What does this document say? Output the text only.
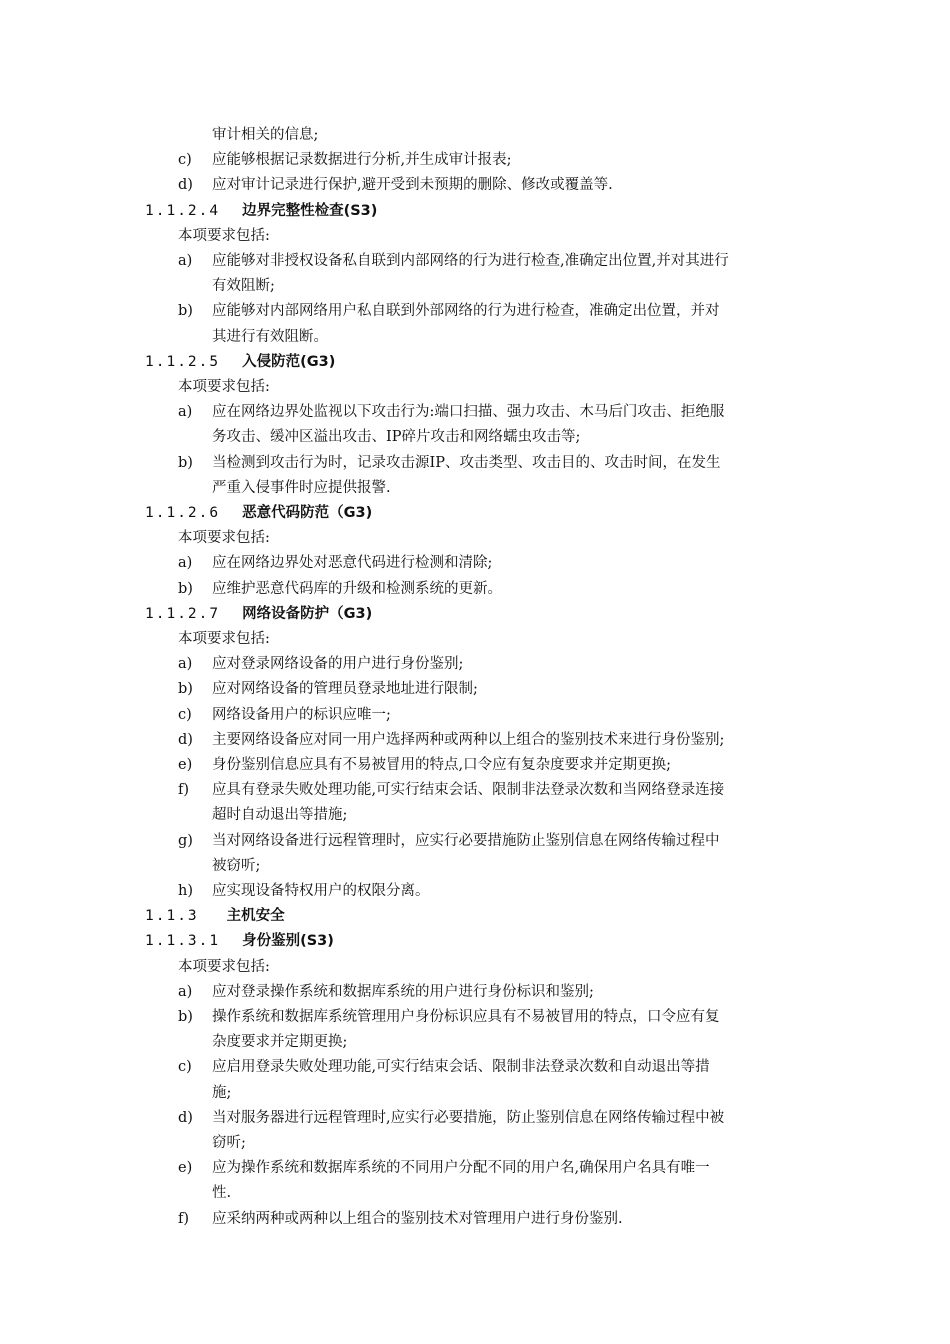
审计相关的信息;
c) 应能够根据记录数据进行分析,并生成审计报表;
d) 应对审计记录进行保护,避开受到未预期的删除、修改或覆盖等.
1.1.2.4 边界完整性检查(S3)
本项要求包括:
a) 应能够对非授权设备私自联到内部网络的行为进行检查,准确定出位置,并对其进行
有效阻断;
b) 应能够对内部网络用户私自联到外部网络的行为进行检查，准确定出位置，并对
其进行有效阻断。
1.1.2.5 入侵防范(G3)
本项要求包括:
a) 应在网络边界处监视以下攻击行为:端口扫描、强力攻击、木马后门攻击、拒绝服
务攻击、缓冲区溢出攻击、IP碎片攻击和网络蠕虫攻击等;
b) 当检测到攻击行为时，记录攻击源IP、攻击类型、攻击目的、攻击时间，在发生
严重入侵事件时应提供报警.
1.1.2.6 恶意代码防范（G3)
本项要求包括:
a) 应在网络边界处对恶意代码进行检测和清除;
b) 应维护恶意代码库的升级和检测系统的更新。
1.1.2.7 网络设备防护（G3)
本项要求包括:
a) 应对登录网络设备的用户进行身份鉴别;
b) 应对网络设备的管理员登录地址进行限制;
c) 网络设备用户的标识应唯一;
d) 主要网络设备应对同一用户选择两种或两种以上组合的鉴别技术来进行身份鉴别;
e) 身份鉴别信息应具有不易被冒用的特点,口令应有复杂度要求并定期更换;
f) 应具有登录失败处理功能,可实行结束会话、限制非法登录次数和当网络登录连接
超时自动退出等措施;
g) 当对网络设备进行远程管理时，应实行必要措施防止鉴别信息在网络传输过程中
被窃听;
h) 应实现设备特权用户的权限分离。
1.1.3 主机安全
1.1.3.1 身份鉴别(S3)
本项要求包括:
a) 应对登录操作系统和数据库系统的用户进行身份标识和鉴别;
b) 操作系统和数据库系统管理用户身份标识应具有不易被冒用的特点，口令应有复
杂度要求并定期更换;
c) 应启用登录失败处理功能,可实行结束会话、限制非法登录次数和自动退出等措
施;
d) 当对服务器进行远程管理时,应实行必要措施，防止鉴别信息在网络传输过程中被
窃听;
e) 应为操作系统和数据库系统的不同用户分配不同的用户名,确保用户名具有唯一
性.
f) 应采纳两种或两种以上组合的鉴别技术对管理用户进行身份鉴别.
